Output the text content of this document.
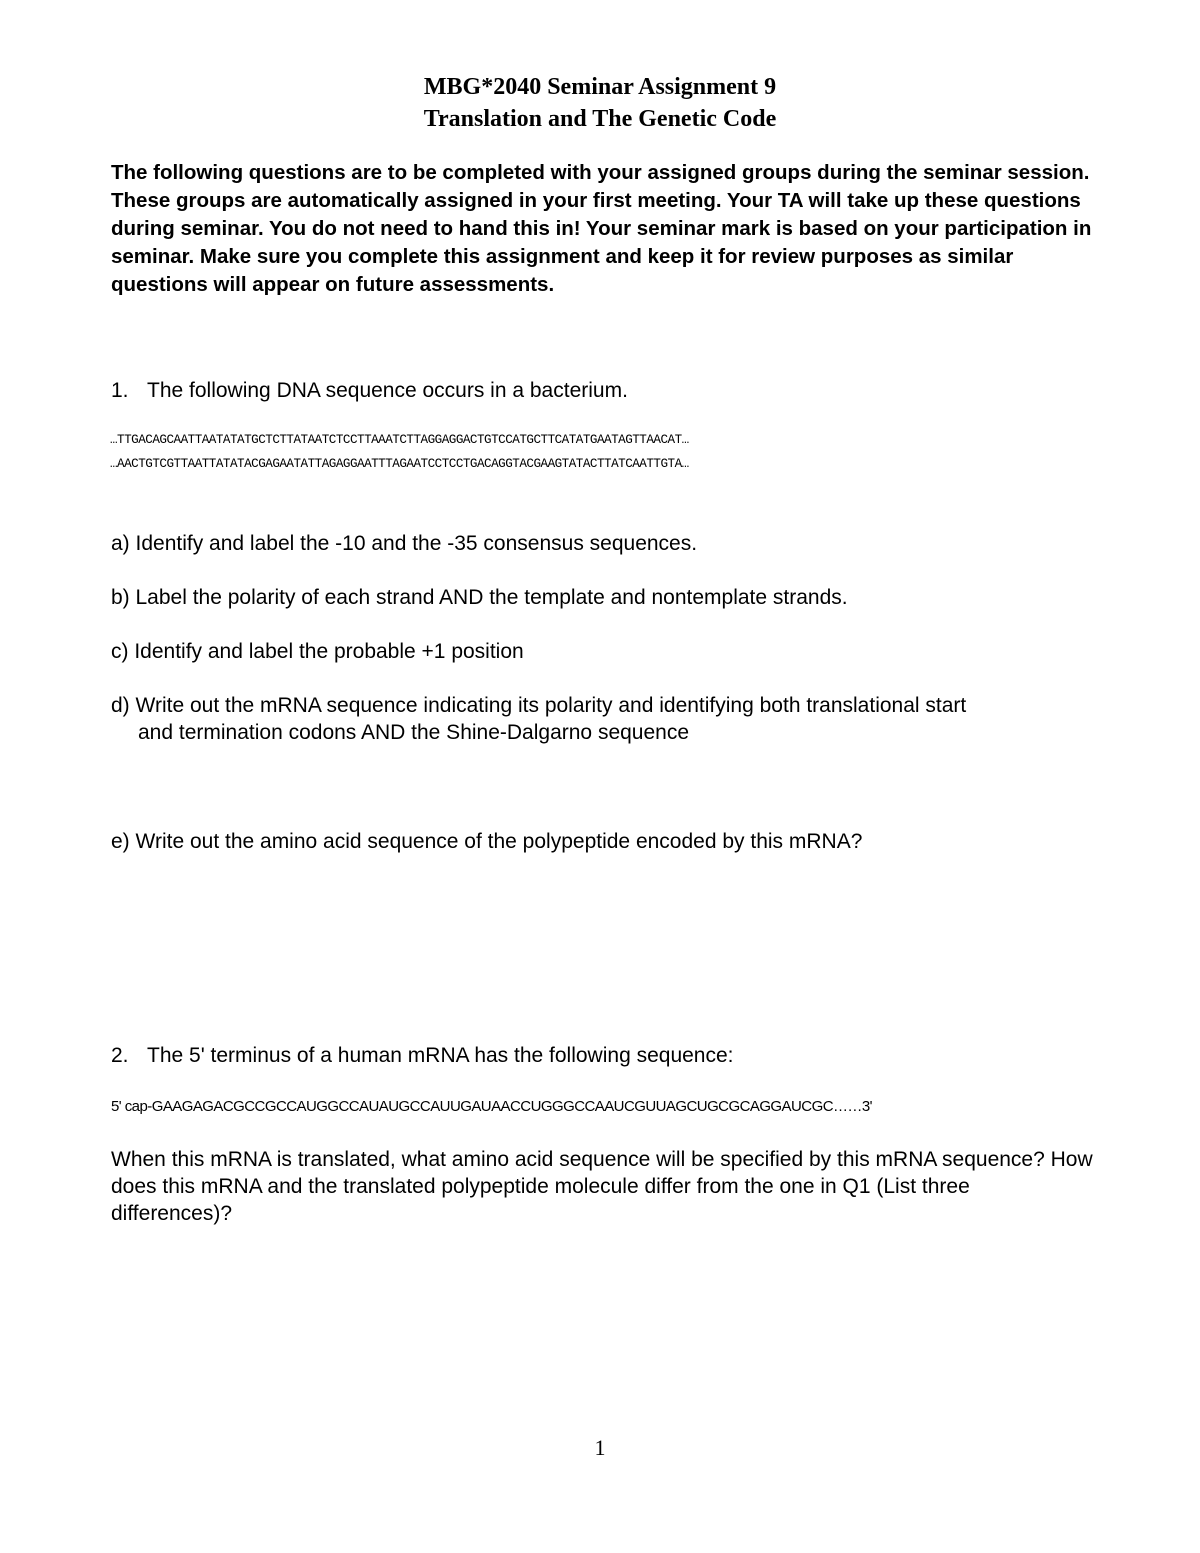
MBG*2040 Seminar Assignment 9
Translation and The Genetic Code

The following questions are to be completed with your assigned groups during the seminar session. These groups are automatically assigned in your first meeting. Your TA will take up these questions during seminar. You do not need to hand this in! Your seminar mark is based on your participation in seminar. Make sure you complete this assignment and keep it for review purposes as similar questions will appear on future assessments.

1. The following DNA sequence occurs in a bacterium.
…TTGACAGCAATTAATATATGCTCTTATAATCTCCTTAAATCTTAGGAGGACTGTCCATGCTTCATATGAATAGTTAACAT…
…AACTGTCGTTAATTATATACGAGAATATTAGAGGAATTTAGAATCCTCCTGACAGGTACGAAGTATACTTATCAATTGTA…
a) Identify and label the -10 and the -35 consensus sequences.
b) Label the polarity of each strand AND the template and nontemplate strands.
c) Identify and label the probable +1 position
d) Write out the mRNA sequence indicating its polarity and identifying both translational start
and termination codons AND the Shine-Dalgarno sequence
e) Write out the amino acid sequence of the polypeptide encoded by this mRNA?
2. The 5' terminus of a human mRNA has the following sequence:
5' cap-GAAGAGACGCCGCCAUGGCCAUAUGCCAUUGAUAACCUGGGCCAAUCGUUAGCUGCGCAGGAUCGC……3'

When this mRNA is translated, what amino acid sequence will be specified by this mRNA sequence? How does this mRNA and the translated polypeptide molecule differ from the one in Q1 (List three differences)?

1
